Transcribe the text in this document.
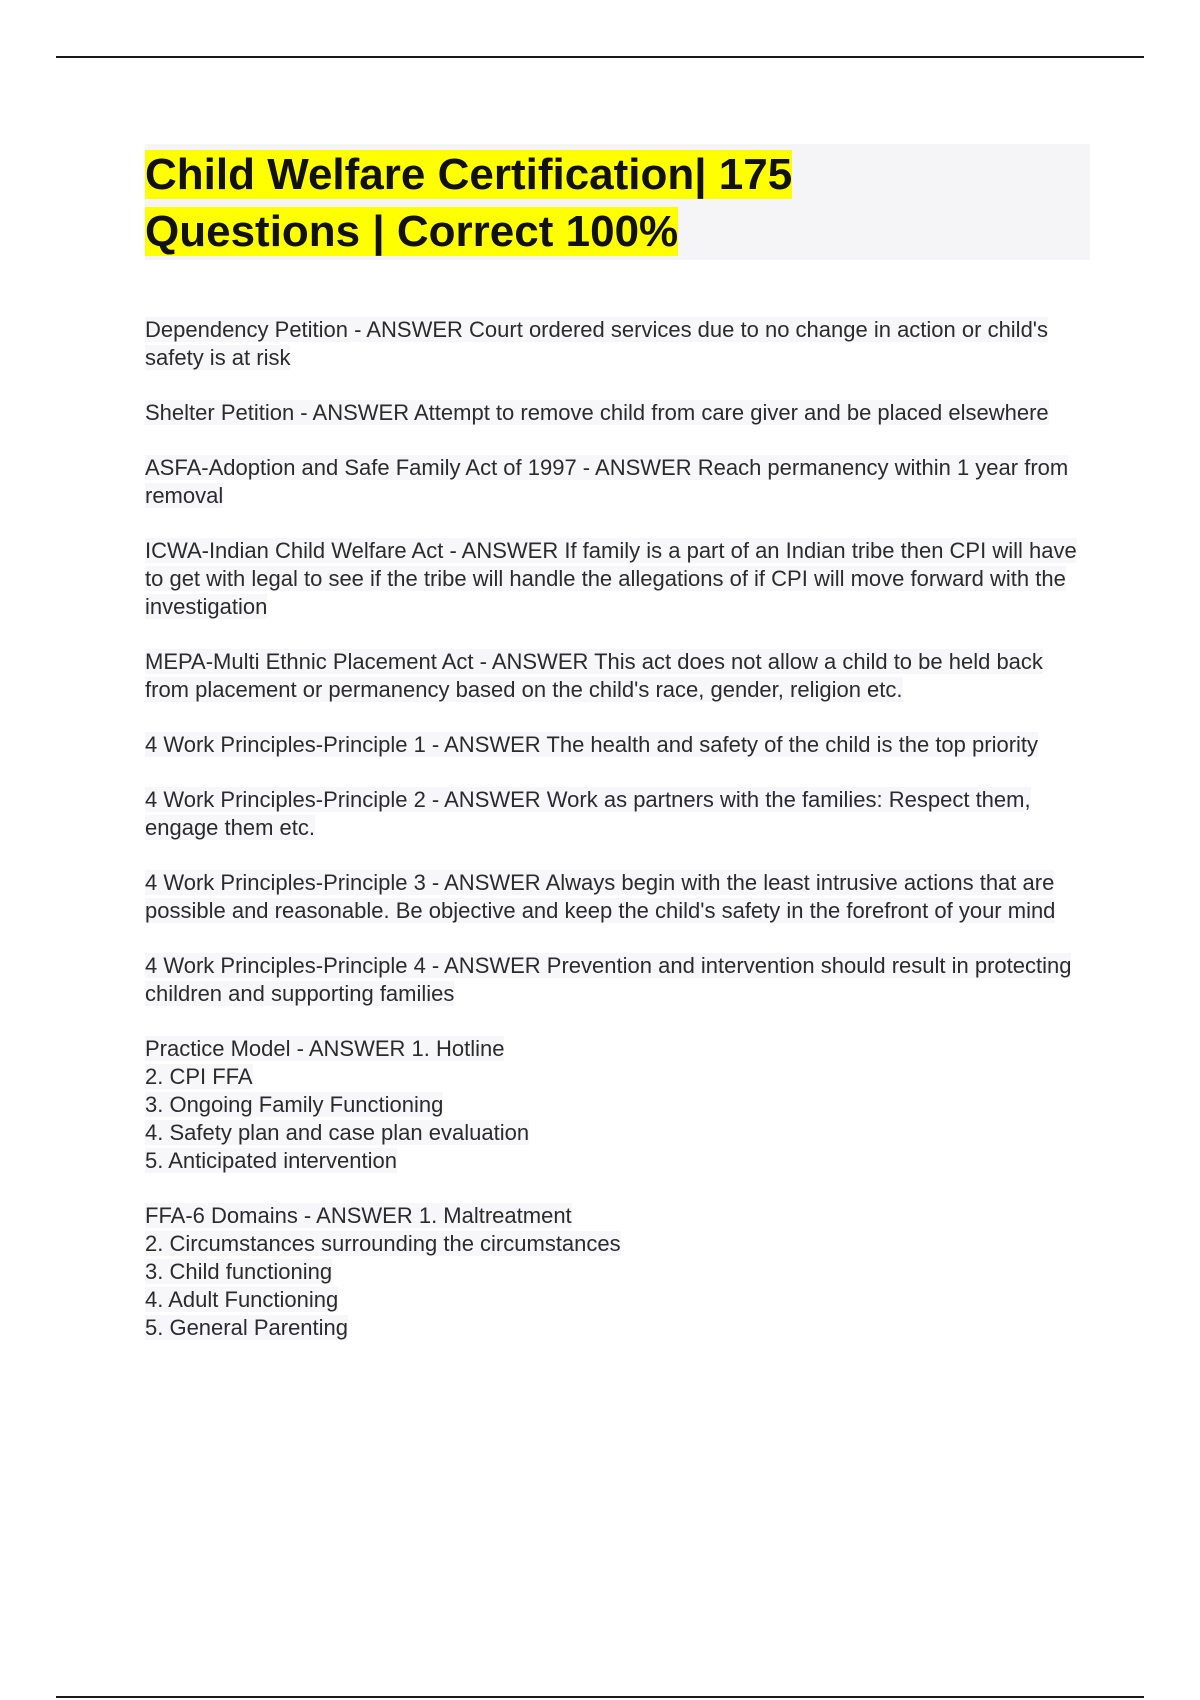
Child Welfare Certification| 175
Questions | Correct 100%
Dependency Petition - ANSWER Court ordered services due to no change in action or child's safety is at risk
Shelter Petition - ANSWER Attempt to remove child from care giver and be placed elsewhere
ASFA-Adoption and Safe Family Act of 1997 - ANSWER Reach permanency within 1 year from removal
ICWA-Indian Child Welfare Act - ANSWER If family is a part of an Indian tribe then CPI will have to get with legal to see if the tribe will handle the allegations of if CPI will move forward with the investigation
MEPA-Multi Ethnic Placement Act - ANSWER This act does not allow a child to be held back from placement or permanency based on the child's race, gender, religion etc.
4 Work Principles-Principle 1 - ANSWER The health and safety of the child is the top priority
4 Work Principles-Principle 2 - ANSWER Work as partners with the families: Respect them, engage them etc.
4 Work Principles-Principle 3 - ANSWER Always begin with the least intrusive actions that are possible and reasonable. Be objective and keep the child's safety in the forefront of your mind
4 Work Principles-Principle 4 - ANSWER Prevention and intervention should result in protecting children and supporting families
Practice Model - ANSWER 1. Hotline
2. CPI FFA
3. Ongoing Family Functioning
4. Safety plan and case plan evaluation
5. Anticipated intervention
FFA-6 Domains - ANSWER 1. Maltreatment
2. Circumstances surrounding the circumstances
3. Child functioning
4. Adult Functioning
5. General Parenting
